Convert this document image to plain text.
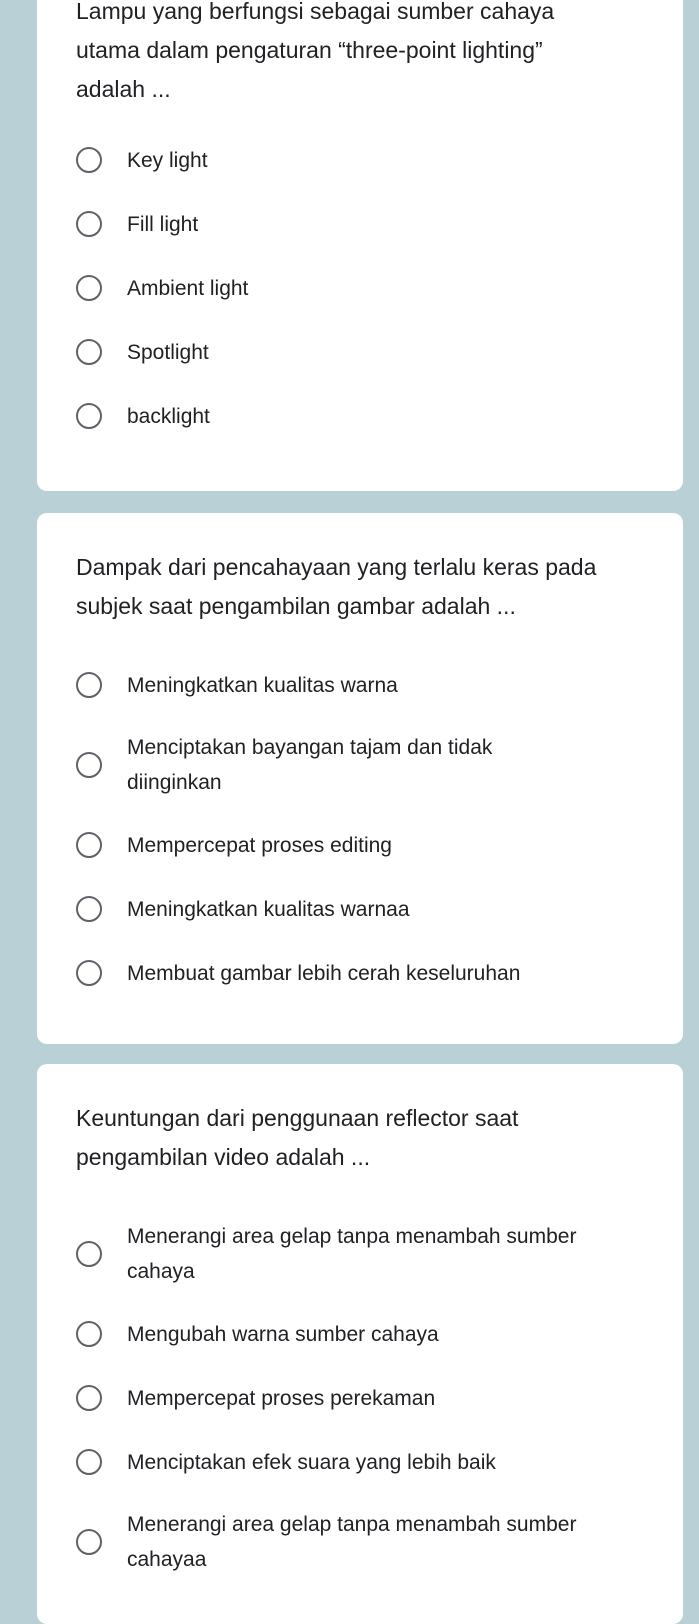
Lampu yang berfungsi sebagai sumber cahaya utama dalam pengaturan “three-point lighting” adalah ...

Key light
Fill light
Ambient light
Spotlight
backlight

Dampak dari pencahayaan yang terlalu keras pada subjek saat pengambilan gambar adalah ...

Meningkatkan kualitas warna
Menciptakan bayangan tajam dan tidak diinginkan
Mempercepat proses editing
Meningkatkan kualitas warnaa
Membuat gambar lebih cerah keseluruhan

Keuntungan dari penggunaan reflector saat pengambilan video adalah ...

Menerangi area gelap tanpa menambah sumber cahaya
Mengubah warna sumber cahaya
Mempercepat proses perekaman
Menciptakan efek suara yang lebih baik
Menerangi area gelap tanpa menambah sumber cahayaa
